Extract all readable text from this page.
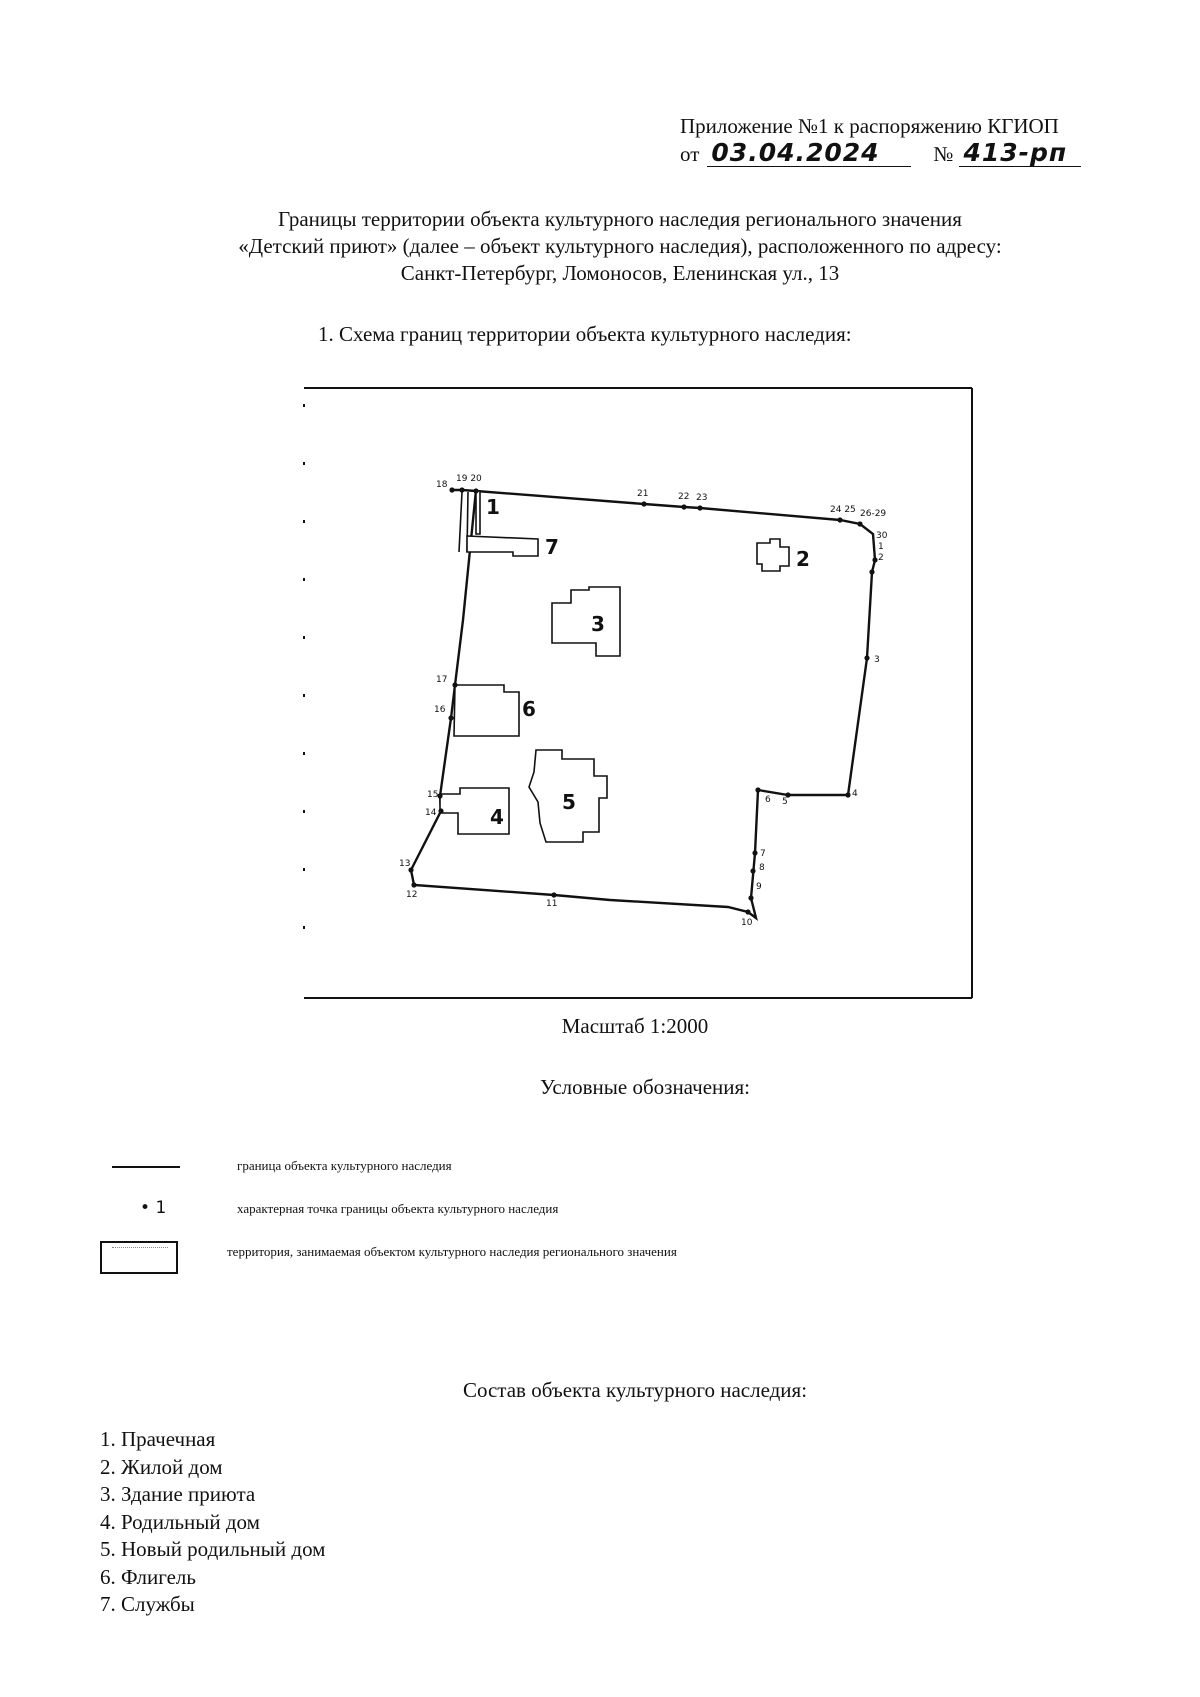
Приложение №1 к распоряжению КГИОП
от 03.04.2024	№ 413-рп
Границы территории объекта культурного наследия регионального значения
«Детский приют» (далее – объект культурного наследия), расположенного по адресу:
Санкт-Петербург, Ломоносов, Еленинская ул., 13
1. Схема границ территории объекта культурного наследия:
1
2
3
4
5
6
7
18
19 20
21	22 23
24 25 26-29
30
1
2
3
4
5
6
7
8
9
10
11
12
13
14
15
16
17
Масштаб 1:2000
Условные обозначения:
граница объекта культурного наследия
• 1	характерная точка границы объекта культурного наследия
территория, занимаемая объектом культурного наследия регионального значения
Состав объекта культурного наследия:
1. Прачечная
2. Жилой дом
3. Здание приюта
4. Родильный дом
5. Новый родильный дом
6. Флигель
7. Службы
